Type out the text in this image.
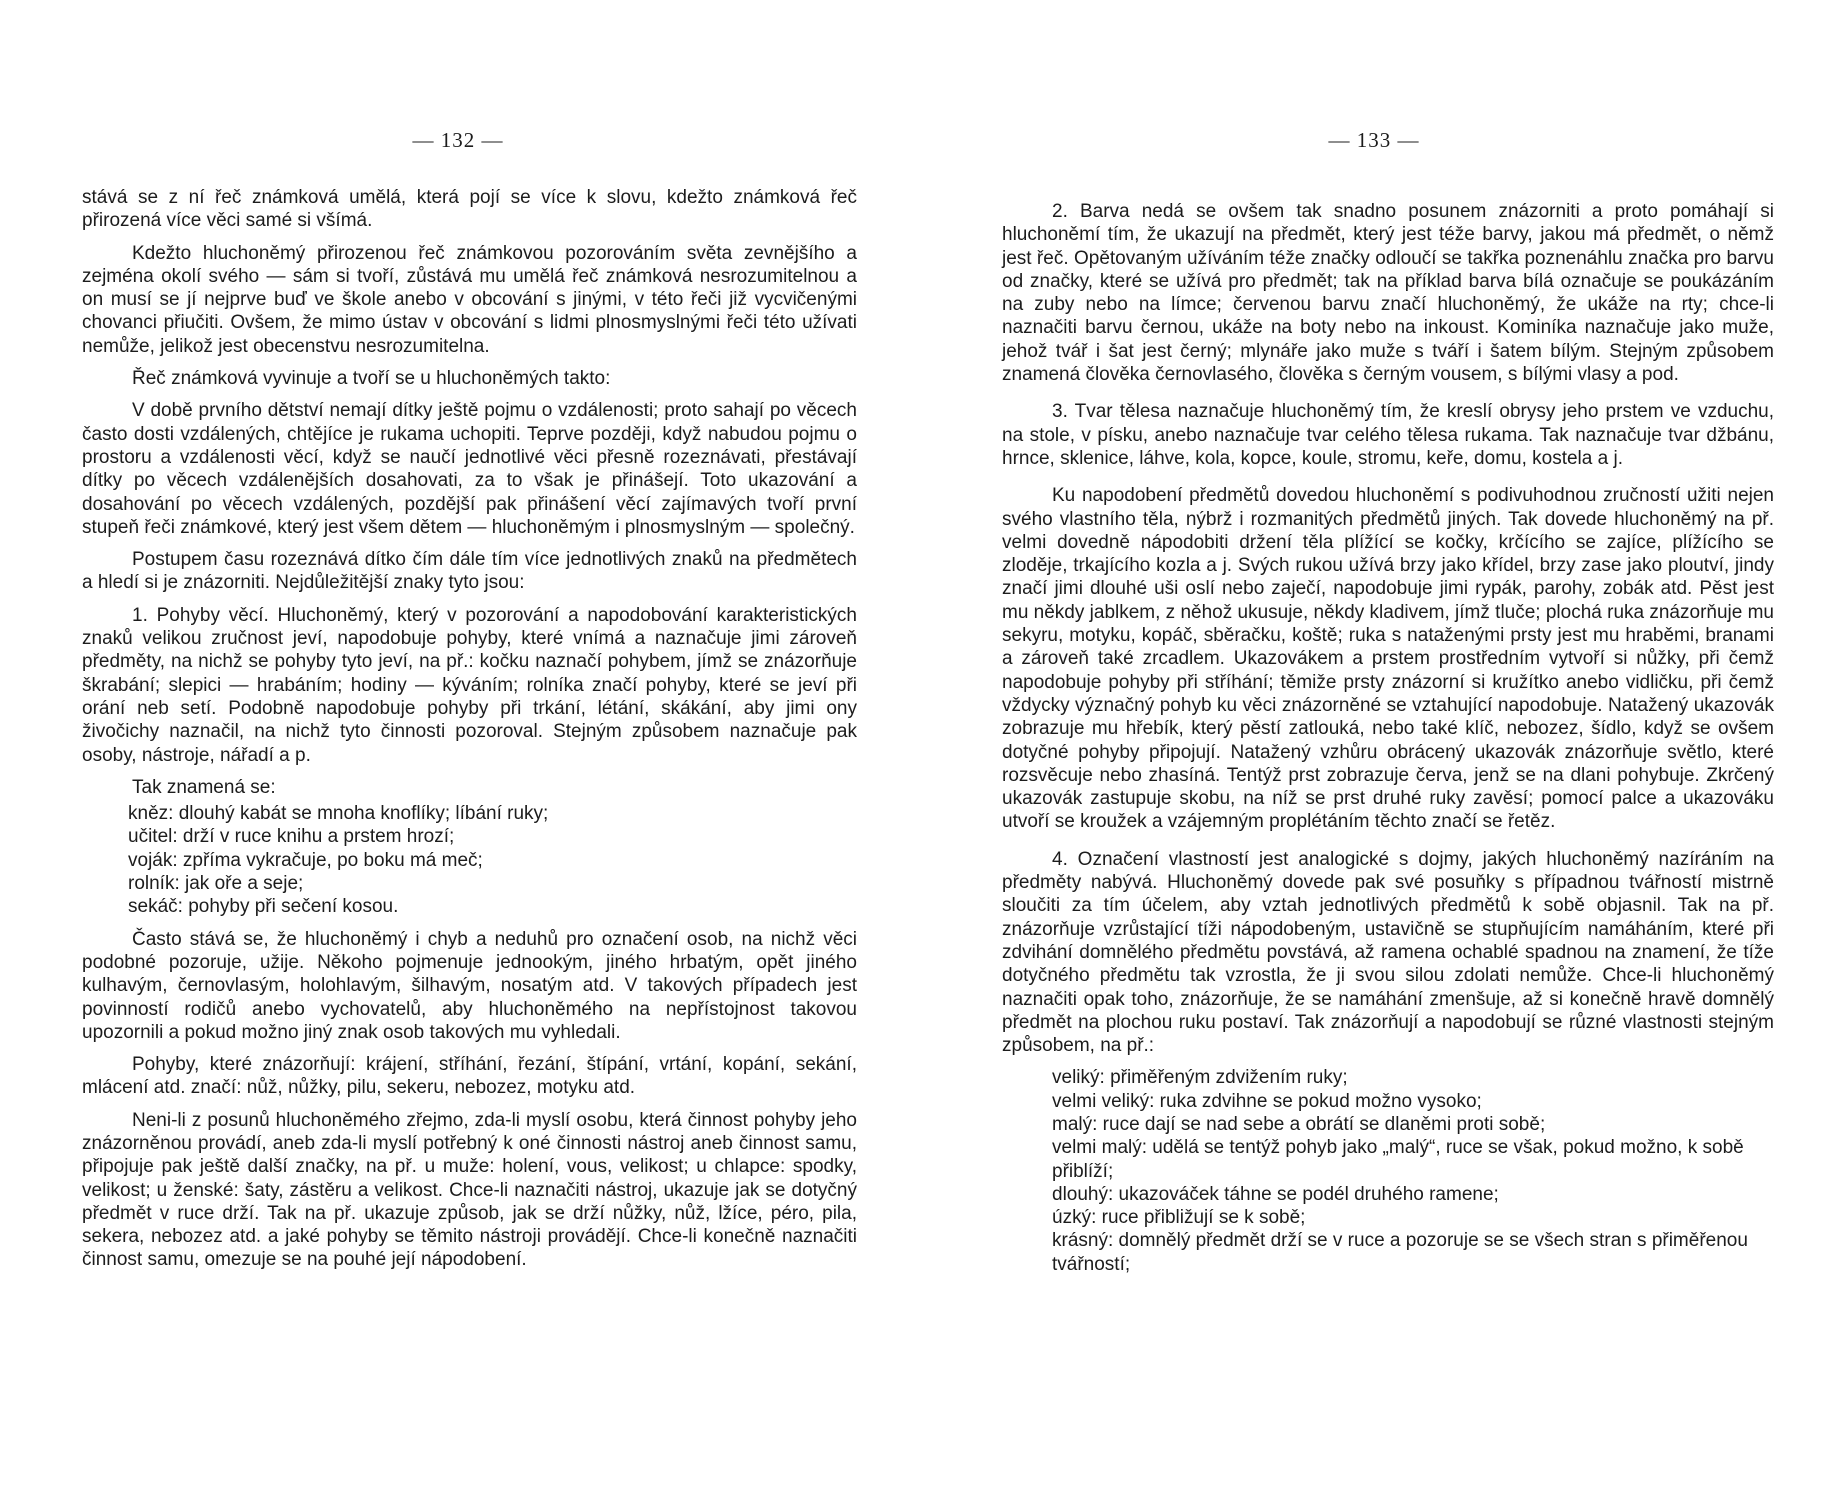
— 132 —

stává se z ní řeč známková umělá, která pojí se více k slovu, kdežto známková řeč přirozená více věci samé si všímá.

Kdežto hluchoněmý přirozenou řeč známkovou pozorováním světa zevnějšího a zejména okolí svého — sám si tvoří, zůstává mu umělá řeč známková nesrozumitelnou a on musí se jí nejprve buď ve škole anebo v obcování s jinými, v této řeči již vycvičenými chovanci přiučiti. Ovšem, že mimo ústav v obcování s lidmi plnosmyslnými řeči této užívati nemůže, jelikož jest obecenstvu nesrozumitelna.

Řeč známková vyvinuje a tvoří se u hluchoněmých takto:

V době prvního dětství nemají dítky ještě pojmu o vzdálenosti; proto sahají po věcech často dosti vzdálených, chtějíce je rukama uchopiti. Teprve později, když nabudou pojmu o prostoru a vzdálenosti věcí, když se naučí jednotlivé věci přesně rozeznávati, přestávají dítky po věcech vzdálenějších dosahovati, za to však je přinášejí. Toto ukazování a dosahování po věcech vzdálených, pozdější pak přinášení věcí zajímavých tvoří první stupeň řeči známkové, který jest všem dětem — hluchoněmým i plnosmyslným — společný.

Postupem času rozeznává dítko čím dále tím více jednotlivých znaků na předmětech a hledí si je znázorniti. Nejdůležitější znaky tyto jsou:

1. Pohyby věcí. Hluchoněmý, který v pozorování a napodobování karakteristických znaků velikou zručnost jeví, napodobuje pohyby, které vnímá a naznačuje jimi zároveň předměty, na nichž se pohyby tyto jeví, na př.: kočku naznačí pohybem, jímž se znázorňuje škrabání; slepici — hrabáním; hodiny — kýváním; rolníka značí pohyby, které se jeví při orání neb setí. Podobně napodobuje pohyby při trkání, létání, skákání, aby jimi ony živočichy naznačil, na nichž tyto činnosti pozoroval. Stejným způsobem naznačuje pak osoby, nástroje, nářadí a p.

Tak znamená se:
kněz: dlouhý kabát se mnoha knoflíky; líbání ruky;
učitel: drží v ruce knihu a prstem hrozí;
voják: zpříma vykračuje, po boku má meč;
rolník: jak oře a seje;
sekáč: pohyby při sečení kosou.

Často stává se, že hluchoněmý i chyb a neduhů pro označení osob, na nichž věci podobné pozoruje, užije. Někoho pojmenuje jednookým, jiného hrbatým, opět jiného kulhavým, černovlasým, holohlavým, šilhavým, nosatým atd. V takových případech jest povinností rodičů anebo vychovatelů, aby hluchoněmého na nepřístojnost takovou upozornili a pokud možno jiný znak osob takových mu vyhledali.

Pohyby, které znázorňují: krájení, stříhání, řezání, štípání, vrtání, kopání, sekání, mlácení atd. značí: nůž, nůžky, pilu, sekeru, nebozez, motyku atd.

Neni-li z posunů hluchoněmého zřejmo, zda-li myslí osobu, která činnost pohyby jeho znázorněnou provádí, aneb zda-li myslí potřebný k oné činnosti nástroj aneb činnost samu, připojuje pak ještě další značky, na př. u muže: holení, vous, velikost; u chlapce: spodky, velikost; u ženské: šaty, zástěru a velikost. Chce-li naznačiti nástroj, ukazuje jak se dotyčný předmět v ruce drží. Tak na př. ukazuje způsob, jak se drží nůžky, nůž, lžíce, péro, pila, sekera, nebozez atd. a jaké pohyby se těmito nástroji provádějí. Chce-li konečně naznačiti činnost samu, omezuje se na pouhé její nápodobení.

— 133 —

2. Barva nedá se ovšem tak snadno posunem znázorniti a proto pomáhají si hluchoněmí tím, že ukazují na předmět, který jest téže barvy, jakou má předmět, o němž jest řeč. Opětovaným užíváním téže značky odloučí se takřka poznenáhlu značka pro barvu od značky, které se užívá pro předmět; tak na příklad barva bílá označuje se poukázáním na zuby nebo na límce; červenou barvu značí hluchoněmý, že ukáže na rty; chce-li naznačiti barvu černou, ukáže na boty nebo na inkoust. Kominíka naznačuje jako muže, jehož tvář i šat jest černý; mlynáře jako muže s tváří i šatem bílým. Stejným způsobem znamená člověka černovlasého, člověka s černým vousem, s bílými vlasy a pod.

3. Tvar tělesa naznačuje hluchoněmý tím, že kreslí obrysy jeho prstem ve vzduchu, na stole, v písku, anebo naznačuje tvar celého tělesa rukama. Tak naznačuje tvar džbánu, hrnce, sklenice, láhve, kola, kopce, koule, stromu, keře, domu, kostela a j.

Ku napodobení předmětů dovedou hluchoněmí s podivuhodnou zručností užiti nejen svého vlastního těla, nýbrž i rozmanitých předmětů jiných. Tak dovede hluchoněmý na př. velmi dovedně nápodobiti držení těla plížící se kočky, krčícího se zajíce, plížícího se zloděje, trkajícího kozla a j. Svých rukou užívá brzy jako křídel, brzy zase jako ploutví, jindy značí jimi dlouhé uši oslí nebo zaječí, napodobuje jimi rypák, parohy, zobák atd. Pěst jest mu někdy jablkem, z něhož ukusuje, někdy kladivem, jímž tluče; plochá ruka znázorňuje mu sekyru, motyku, kopáč, sběračku, koště; ruka s nataženými prsty jest mu hraběmi, branami a zároveň také zrcadlem. Ukazovákem a prstem prostředním vytvoří si nůžky, při čemž napodobuje pohyby při stříhání; těmiže prsty znázorní si kružítko anebo vidličku, při čemž vždycky význačný pohyb ku věci znázorněné se vztahující napodobuje. Natažený ukazovák zobrazuje mu hřebík, který pěstí zatlouká, nebo také klíč, nebozez, šídlo, když se ovšem dotyčné pohyby připojují. Natažený vzhůru obrácený ukazovák znázorňuje světlo, které rozsvěcuje nebo zhasíná. Tentýž prst zobrazuje červa, jenž se na dlani pohybuje. Zkrčený ukazovák zastupuje skobu, na níž se prst druhé ruky zavěsí; pomocí palce a ukazováku utvoří se kroužek a vzájemným proplétáním těchto značí se řetěz.

4. Označení vlastností jest analogické s dojmy, jakých hluchoněmý nazíráním na předměty nabývá. Hluchoněmý dovede pak své posuňky s případnou tvářností mistrně sloučiti za tím účelem, aby vztah jednotlivých předmětů k sobě objasnil. Tak na př. znázorňuje vzrůstající tíži nápodobeným, ustavičně se stupňujícím namáháním, které při zdvihání domnělého předmětu povstává, až ramena ochablé spadnou na znamení, že tíže dotyčného předmětu tak vzrostla, že ji svou silou zdolati nemůže. Chce-li hluchoněmý naznačiti opak toho, znázorňuje, že se namáhání zmenšuje, až si konečně hravě domnělý předmět na plochou ruku postaví. Tak znázorňují a napodobují se různé vlastnosti stejným způsobem, na př.:

veliký: přiměřeným zdvižením ruky;
velmi veliký: ruka zdvihne se pokud možno vysoko;
malý: ruce dají se nad sebe a obrátí se dlaněmi proti sobě;
velmi malý: udělá se tentýž pohyb jako „malý“, ruce se však, pokud možno, k sobě přiblíží;
dlouhý: ukazováček táhne se podél druhého ramene;
úzký: ruce přibližují se k sobě;
krásný: domnělý předmět drží se v ruce a pozoruje se se všech stran s přiměřenou tvářností;
